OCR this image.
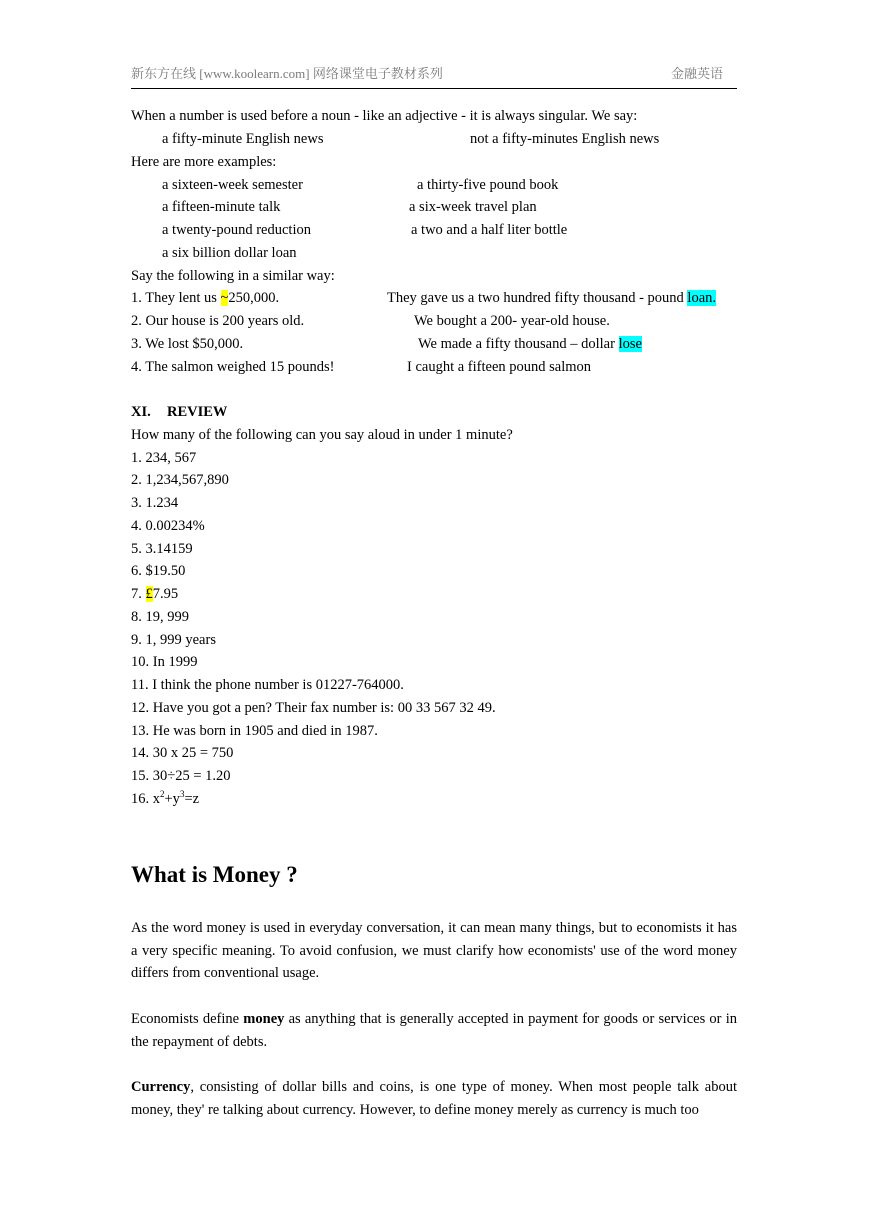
新东方在线 [www.koolearn.com] 网络课堂电子教材系列	金融英语
When a number is used before a noun - like an adjective - it is always singular. We say:
a fifty-minute English news	not a fifty-minutes English news
Here are more examples:
a sixteen-week semester	a thirty-five pound book
a fifteen-minute talk	a six-week travel plan
a twenty-pound reduction	a two and a half liter bottle
a six billion dollar loan
Say the following in a similar way:
1. They lent us ~250,000.	They gave us a two hundred fifty thousand - pound loan.
2. Our house is 200 years old.	We bought a 200- year-old house.
3. We lost $50,000.	We made a fifty thousand – dollar lose
4. The salmon weighed 15 pounds!	I caught a fifteen pound salmon
XI. REVIEW
How many of the following can you say aloud in under 1 minute?
1. 234, 567
2. 1,234,567,890
3. 1.234
4. 0.00234%
5. 3.14159
6. $19.50
7. £7.95
8. 19, 999
9. 1, 999 years
10. In 1999
11. I think the phone number is 01227-764000.
12. Have you got a pen? Their fax number is: 00 33 567 32 49.
13. He was born in 1905 and died in 1987.
14. 30 x 25 = 750
15. 30÷25 = 1.20
16. $x^2+y^3=z$
What is Money ?
As the word money is used in everyday conversation, it can mean many things, but to economists it has a very specific meaning. To avoid confusion, we must clarify how economists' use of the word money differs from conventional usage.
Economists define money as anything that is generally accepted in payment for goods or services or in the repayment of debts.
Currency, consisting of dollar bills and coins, is one type of money. When most people talk about money, they' re talking about currency. However, to define money merely as currency is much too
